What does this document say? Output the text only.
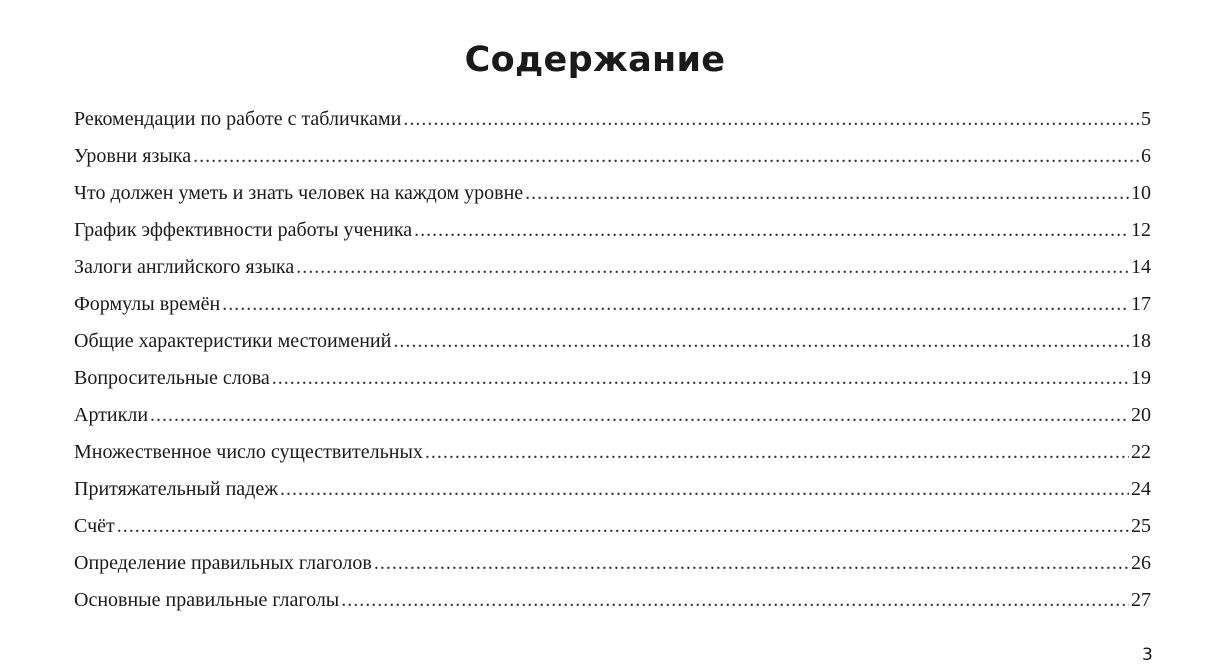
Содержание
Рекомендации по работе с табличками .....	5
Уровни языка .....	6
Что должен уметь и знать человек на каждом уровне .....	10
График эффективности работы ученика .....	12
Залоги английского языка .....	14
Формулы времён .....	17
Общие характеристики местоимений .....	18
Вопросительные слова .....	19
Артикли .....	20
Множественное число существительных .....	22
Притяжательный падеж .....	24
Счёт .....	25
Определение правильных глаголов .....	26
Основные правильные глаголы .....	27
3
